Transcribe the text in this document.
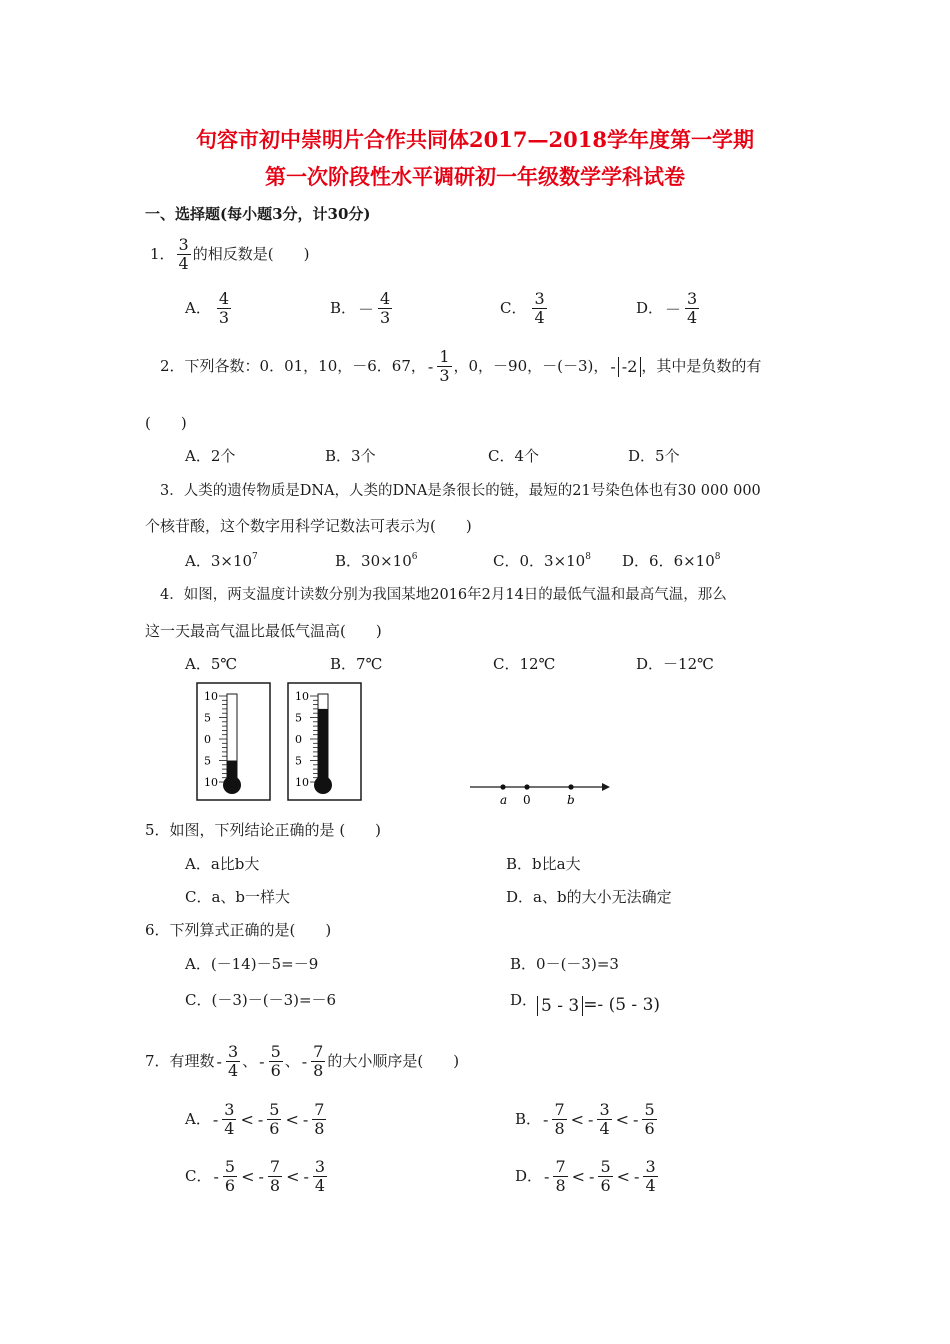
句容市初中崇明片合作共同体2017—2018学年度第一学期
第一次阶段性水平调研初一年级数学学科试卷
一、选择题(每小题3分，计30分)
1． $\frac{3}{4}$ 的相反数是(　　)
A． $\frac{4}{3}$	B． － $\frac{4}{3}$	C． $\frac{3}{4}$	D． － $\frac{3}{4}$
2．下列各数：0．01，10，－6．67， - $\frac{1}{3}$ ，0，－90，－(－3)， - -2 ，其中是负数的有
(　　)
A．2个	B．3个	C．4个	D．5个
3．人类的遗传物质是DNA，人类的DNA是条很长的链，最短的21号染色体也有30 000 000
个核苷酸，这个数字用科学记数法可表示为(　　)
A．$3\times 10^7$	B．$30\times 10^6$	C．0．$3\times 10^8$ D．6．$6\times 10^8$
4．如图，两支温度计读数分别为我国某地2016年2月14日的最低气温和最高气温，那么
这一天最高气温比最低气温高(　　)
A．5℃	B．7℃	C．12℃	D．－12℃
10
5
0
5
10
10
5
0
5
10
a 0	b
5．如图，下列结论正确的是 (　　)
A．a比b大	B．b比a大
C．a、b一样大	D．a、b的大小无法确定
6．下列算式正确的是(　　)
A．(－14)－5=－9	B．0－(－3)=3
C．(－3)－(－3)=－6	D． 5 - 3 =- (5 - 3)
7．有理数 - $\frac{3}{4}$ 、 - $\frac{5}{6}$ 、 - $\frac{7}{8}$ 的大小顺序是(　　)
A． - $\frac{3}{4}$ < - $\frac{5}{6}$ < - $\frac{7}{8}$	B． - $\frac{7}{8}$ < - $\frac{3}{4}$ < - $\frac{5}{6}$
C． - $\frac{5}{6}$ < - $\frac{7}{8}$ < - $\frac{3}{4}$	D． - $\frac{7}{8}$ < - $\frac{5}{6}$ < - $\frac{3}{4}$
